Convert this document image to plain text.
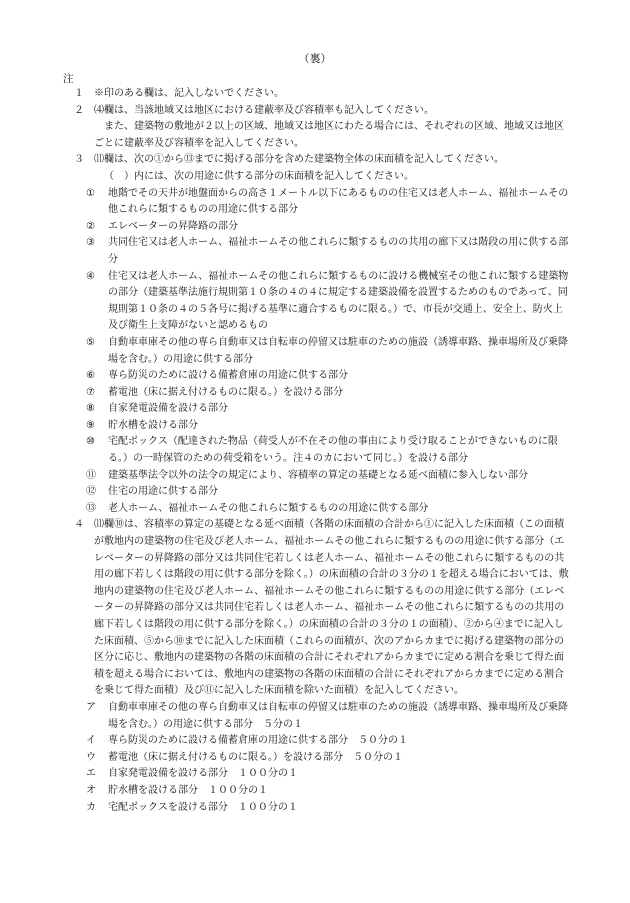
（裏）
注
１	※印のある欄は、記入しないでください。

２	⑷欄は、当該地域又は地区における建蔽率及び容積率も記入してください。

また、建築物の敷地が２以上の区域、地域又は地区にわたる場合には、それぞれの区域、地域又は地区ごとに建蔽率及び容積率を記入してください。

３	⑾欄は、次の①から⑬までに掲げる部分を含めた建築物全体の床面積を記入してください。

（　）内には、次の用途に供する部分の床面積を記入してください。

①	地階でその天井が地盤面からの高さ１メートル以下にあるものの住宅又は老人ホーム、福祉ホームその他これらに類するものの用途に供する部分

②	エレベーターの昇降路の部分

③	共同住宅又は老人ホーム、福祉ホームその他これらに類するものの共用の廊下又は階段の用に供する部分

④	住宅又は老人ホーム、福祉ホームその他これらに類するものに設ける機械室その他これに類する建築物の部分（建築基準法施行規則第１０条の４の４に規定する建築設備を設置するためのものであって、同規則第１０条の４の５各号に掲げる基準に適合するものに限る。）で、市長が交通上、安全上、防火上及び衛生上支障がないと認めるもの

⑤	自動車車庫その他の専ら自動車又は自転車の停留又は駐車のための施設（誘導車路、操車場所及び乗降場を含む。）の用途に供する部分

⑥	専ら防災のために設ける備蓄倉庫の用途に供する部分

⑦	蓄電池（床に据え付けるものに限る。）を設ける部分

⑧	自家発電設備を設ける部分

⑨	貯水槽を設ける部分

⑩	宅配ボックス（配達された物品（荷受人が不在その他の事由により受け取ることができないものに限る。）の一時保管のための荷受箱をいう。注４のカにおいて同じ。）を設ける部分

⑪	建築基準法令以外の法令の規定により、容積率の算定の基礎となる延べ面積に参入しない部分

⑫	住宅の用途に供する部分

⑬	老人ホーム、福祉ホームその他これらに類するものの用途に供する部分

４	⑾欄⑩は、容積率の算定の基礎となる延べ面積（各階の床面積の合計から①に記入した床面積（この面積が敷地内の建築物の住宅及び老人ホーム、福祉ホームその他これらに類するものの用途に供する部分（エレベーターの昇降路の部分又は共同住宅若しくは老人ホーム、福祉ホームその他これらに類するものの共用の廊下若しくは階段の用に供する部分を除く。）の床面積の合計の３分の１を超える場合においては、敷地内の建築物の住宅及び老人ホーム、福祉ホームその他これらに類するものの用途に供する部分（エレベーターの昇降路の部分又は共同住宅若しくは老人ホーム、福祉ホームその他これらに類するものの共用の廊下若しくは階段の用に供する部分を除く。）の床面積の合計の３分の１の面積）、②から④までに記入した床面積、⑤から⑩までに記入した床面積（これらの面積が、次のアからカまでに掲げる建築物の部分の区分に応じ、敷地内の建築物の各階の床面積の合計にそれぞれアからカまでに定める割合を乗じて得た面積を超える場合においては、敷地内の建築物の各階の床面積の合計にそれぞれアからカまでに定める割合を乗じて得た面積）及び⑪に記入した床面積を除いた面積）を記入してください。

ア	自動車車庫その他の専ら自動車又は自転車の停留又は駐車のための施設（誘導車路、操車場所及び乗降場を含む。）の用途に供する部分　５分の１

イ	専ら防災のために設ける備蓄倉庫の用途に供する部分　５０分の１

ウ	蓄電池（床に据え付けるものに限る。）を設ける部分　５０分の１

エ	自家発電設備を設ける部分　１００分の１

オ	貯水槽を設ける部分　１００分の１

カ	宅配ボックスを設ける部分　１００分の１
